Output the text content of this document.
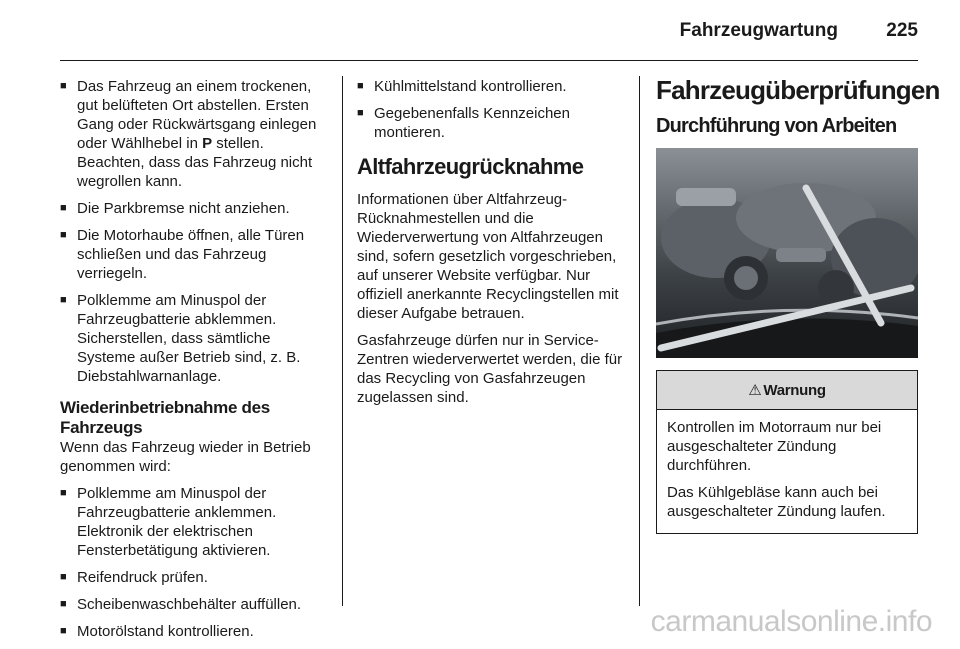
Fahrzeugwartung	225
■ Das Fahrzeug an einem trockenen, gut belüfteten Ort abstellen. Ersten Gang oder Rückwärtsgang einlegen oder Wählhebel in P stellen. Beachten, dass das Fahrzeug nicht wegrollen kann.
■ Die Parkbremse nicht anziehen.
■ Die Motorhaube öffnen, alle Türen schließen und das Fahrzeug verriegeln.
■ Polklemme am Minuspol der Fahrzeugbatterie abklemmen. Sicherstellen, dass sämtliche Systeme außer Betrieb sind, z. B. Diebstahlwarnanlage.
Wiederinbetriebnahme des Fahrzeugs

Wenn das Fahrzeug wieder in Betrieb genommen wird:

■ Polklemme am Minuspol der Fahrzeugbatterie anklemmen. Elektronik der elektrischen Fensterbetätigung aktivieren.
■ Reifendruck prüfen.
■ Scheibenwaschbehälter auffüllen.
■ Motorölstand kontrollieren.
■ Kühlmittelstand kontrollieren.
■ Gegebenenfalls Kennzeichen montieren.
Altfahrzeugrücknahme

Informationen über Altfahrzeug-Rücknahmestellen und die Wiederverwertung von Altfahrzeugen sind, sofern gesetzlich vorgeschrieben, auf unserer Website verfügbar. Nur offiziell anerkannte Recyclingstellen mit dieser Aufgabe betrauen.

Gasfahrzeuge dürfen nur in Service-Zentren wiederverwertet werden, die für das Recycling von Gasfahrzeugen zugelassen sind.

Fahrzeugüberprüfungen
Durchführung von Arbeiten
⚠ Warnung

Kontrollen im Motorraum nur bei ausgeschalteter Zündung durchführen.

Das Kühlgebläse kann auch bei ausgeschalteter Zündung laufen.

carmanualsonline.info
